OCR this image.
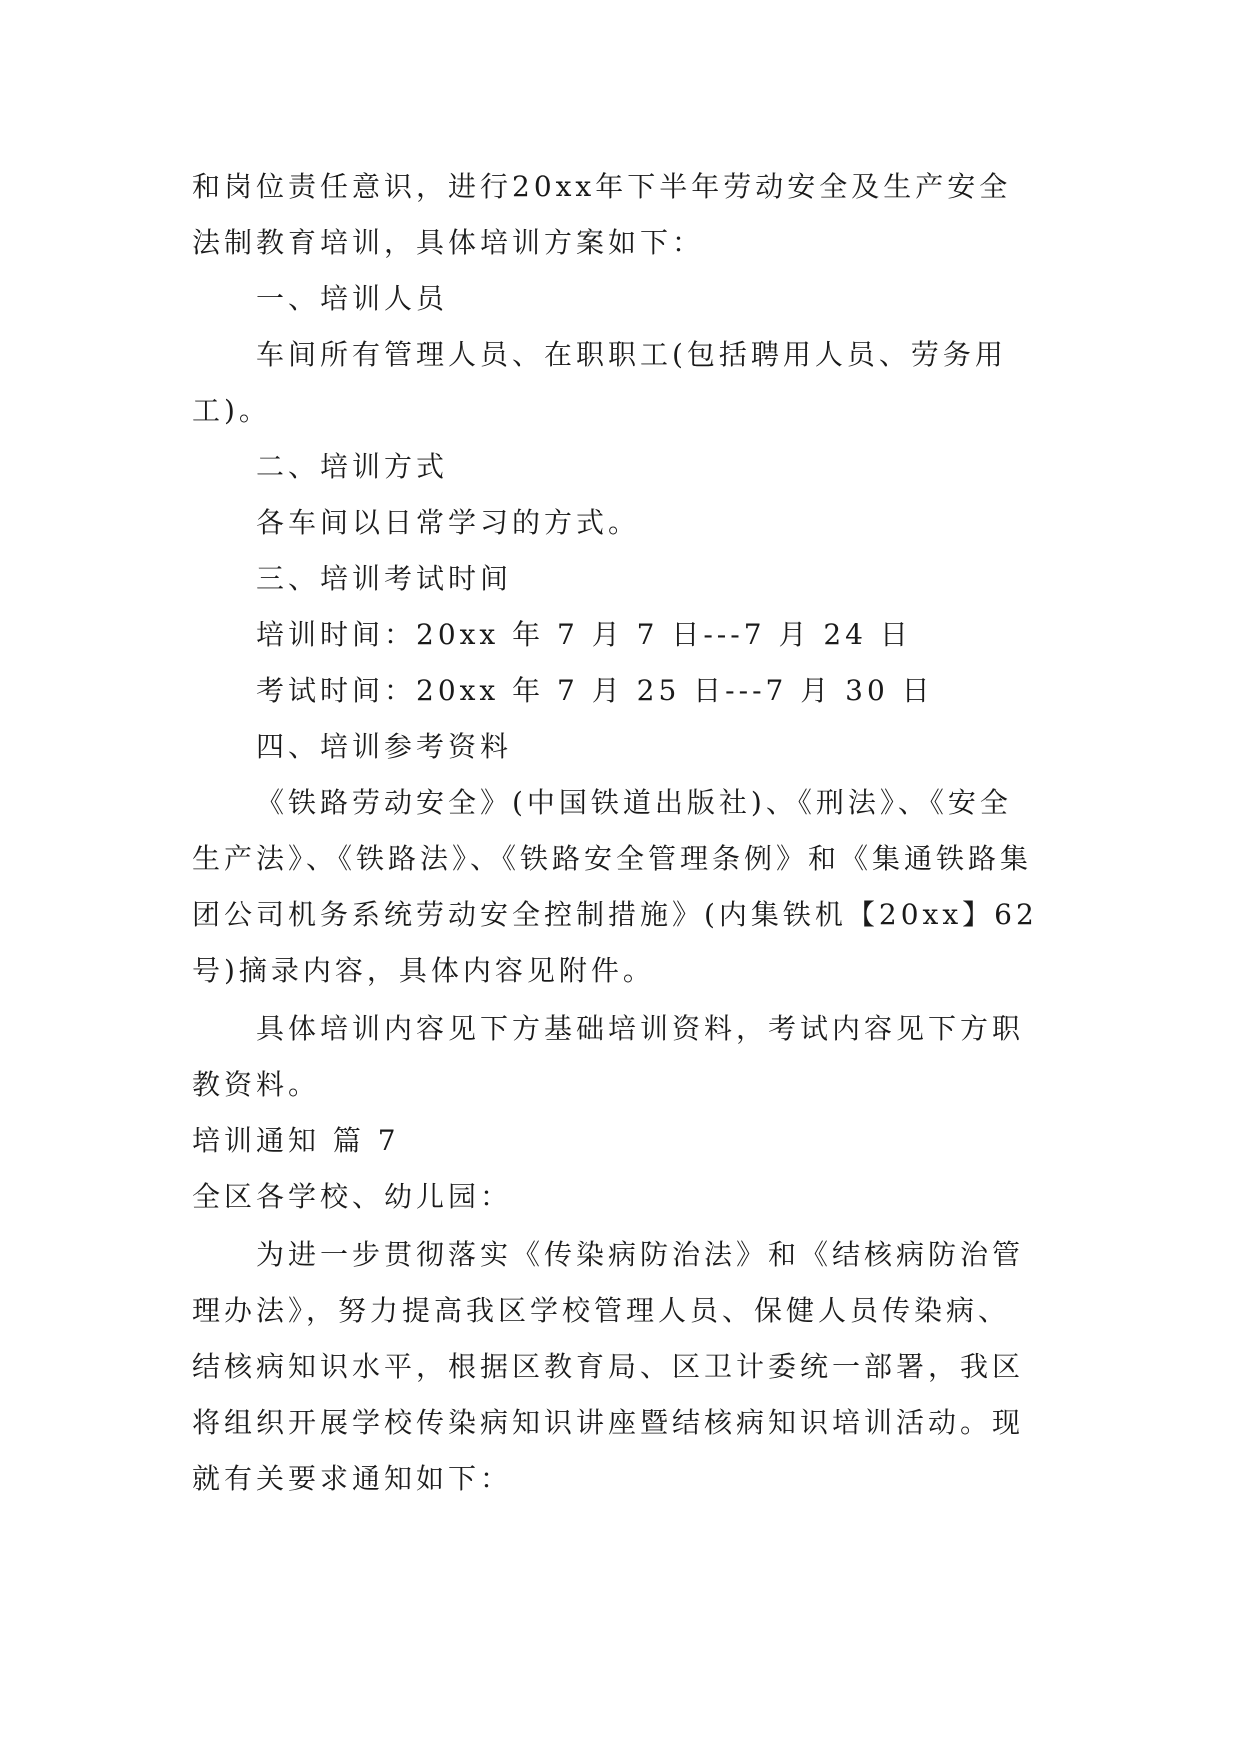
和岗位责任意识，进行20xx年下半年劳动安全及生产安全
法制教育培训，具体培训方案如下：
一、培训人员
车间所有管理人员、在职职工(包括聘用人员、劳务用
工)。
二、培训方式
各车间以日常学习的方式。
三、培训考试时间
培训时间：20xx 年 7 月 7 日---7 月 24 日
考试时间：20xx 年 7 月 25 日---7 月 30 日
四、培训参考资料
《铁路劳动安全》(中国铁道出版社)、《刑法》、《安全
生产法》、《铁路法》、《铁路安全管理条例》和《集通铁路集
团公司机务系统劳动安全控制措施》(内集铁机【20xx】62
号)摘录内容，具体内容见附件。
具体培训内容见下方基础培训资料，考试内容见下方职
教资料。
培训通知 篇 7
全区各学校、幼儿园：
为进一步贯彻落实《传染病防治法》和《结核病防治管
理办法》，努力提高我区学校管理人员、保健人员传染病、
结核病知识水平，根据区教育局、区卫计委统一部署，我区
将组织开展学校传染病知识讲座暨结核病知识培训活动。现
就有关要求通知如下：
